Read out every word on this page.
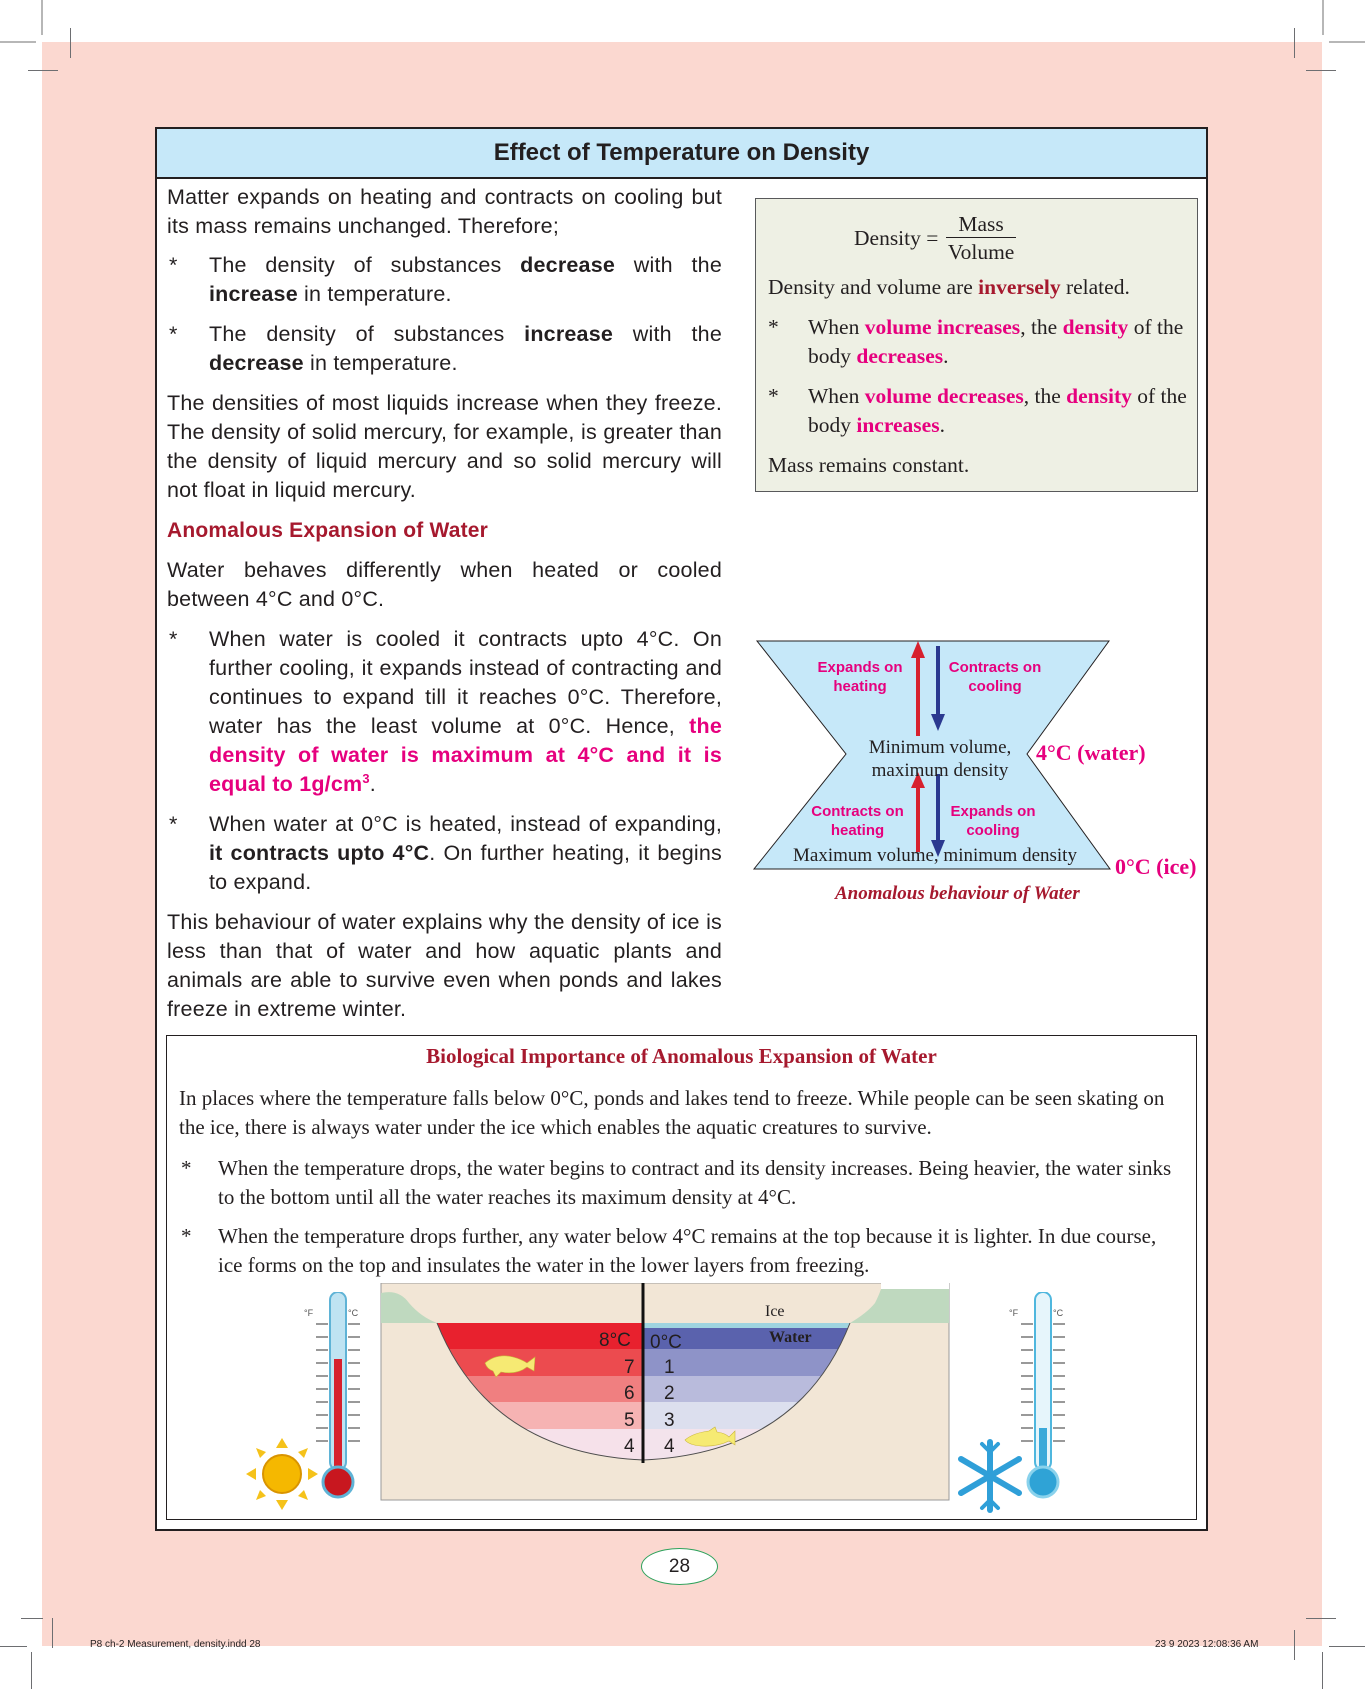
Effect of Temperature on Density

Matter expands on heating and contracts on cooling but its mass remains unchanged. Therefore;

* The density of substances decrease with the increase in temperature.
* The density of substances increase with the decrease in temperature.

The densities of most liquids increase when they freeze. The density of solid mercury, for example, is greater than the density of liquid mercury and so solid mercury will not float in liquid mercury.

Anomalous Expansion of Water

Water behaves differently when heated or cooled between 4°C and 0°C.

* When water is cooled it contracts upto 4°C. On further cooling, it expands instead of contracting and continues to expand till it reaches 0°C. Therefore, water has the least volume at 0°C. Hence, the density of water is maximum at 4°C and it is equal to $1g/cm^3$.
* When water at 0°C is heated, instead of expanding, it contracts upto 4°C. On further heating, it begins to expand.

This behaviour of water explains why the density of ice is less than that of water and how aquatic plants and animals are able to survive even when ponds and lakes freeze in extreme winter.

Density = $\frac{\text{Mass}}{\text{Volume}}$
Density and volume are inversely related.
* When volume increases, the density of the body decreases.
* When volume decreases, the density of the body increases.
Mass remains constant.
Expands on heating
Contracts on cooling
Minimum volume,
maximum density
Contracts on heating
Expands on cooling
Maximum volume, minimum density
4°C (water)
0°C (ice)
Anomalous behaviour of Water
Biological Importance of Anomalous Expansion of Water
In places where the temperature falls below 0°C, ponds and lakes tend to freeze. While people can be seen skating on the ice, there is always water under the ice which enables the aquatic creatures to survive.
* When the temperature drops, the water begins to contract and its density increases. Being heavier, the water sinks to the bottom until all the water reaches its maximum density at 4°C.
* When the temperature drops further, any water below 4°C remains at the top because it is lighter. In due course, ice forms on the top and insulates the water in the lower layers from freezing.
8°C
7
6
5
4
0°C
1
2
3
4
Ice
Water
°F	°C	°F	°C
28
P8 ch-2 Measurement, density.indd 28	23 9 2023 12:08:36 AM
